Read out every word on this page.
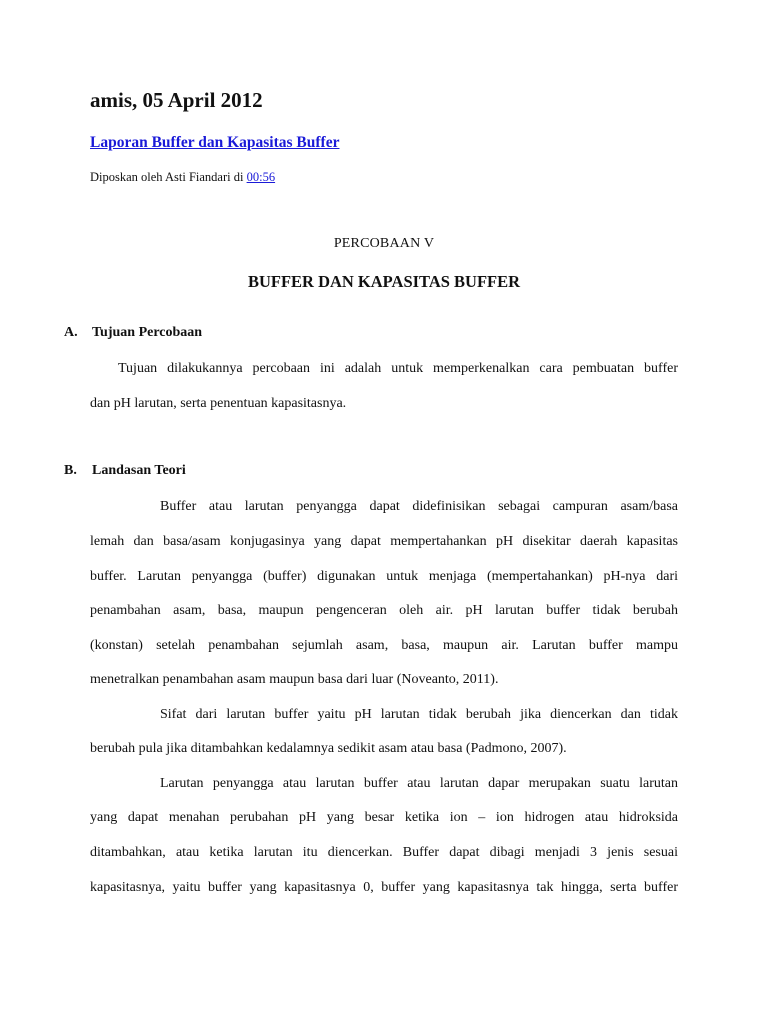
amis, 05 April 2012
Laporan Buffer dan Kapasitas Buffer
Diposkan oleh Asti Fiandari di 00:56
PERCOBAAN V
BUFFER DAN KAPASITAS BUFFER
A. Tujuan Percobaan
Tujuan dilakukannya percobaan ini adalah untuk memperkenalkan cara pembuatan buffer
dan pH larutan, serta penentuan kapasitasnya.
B. Landasan Teori
Buffer atau larutan penyangga dapat didefinisikan sebagai campuran asam/basa
lemah dan basa/asam konjugasinya yang dapat mempertahankan pH disekitar daerah kapasitas
buffer. Larutan penyangga (buffer) digunakan untuk menjaga (mempertahankan) pH-nya dari
penambahan asam, basa, maupun pengenceran oleh air. pH larutan buffer tidak berubah
(konstan) setelah penambahan sejumlah asam, basa, maupun air. Larutan buffer mampu
menetralkan penambahan asam maupun basa dari luar (Noveanto, 2011).
Sifat dari larutan buffer yaitu pH larutan tidak berubah jika diencerkan dan tidak
berubah pula jika ditambahkan kedalamnya sedikit asam atau basa (Padmono, 2007).
Larutan penyangga atau larutan buffer atau larutan dapar merupakan suatu larutan
yang dapat menahan perubahan pH yang besar ketika ion – ion hidrogen atau hidroksida
ditambahkan, atau ketika larutan itu diencerkan. Buffer dapat dibagi menjadi 3 jenis sesuai
kapasitasnya, yaitu buffer yang kapasitasnya 0, buffer yang kapasitasnya tak hingga, serta buffer
